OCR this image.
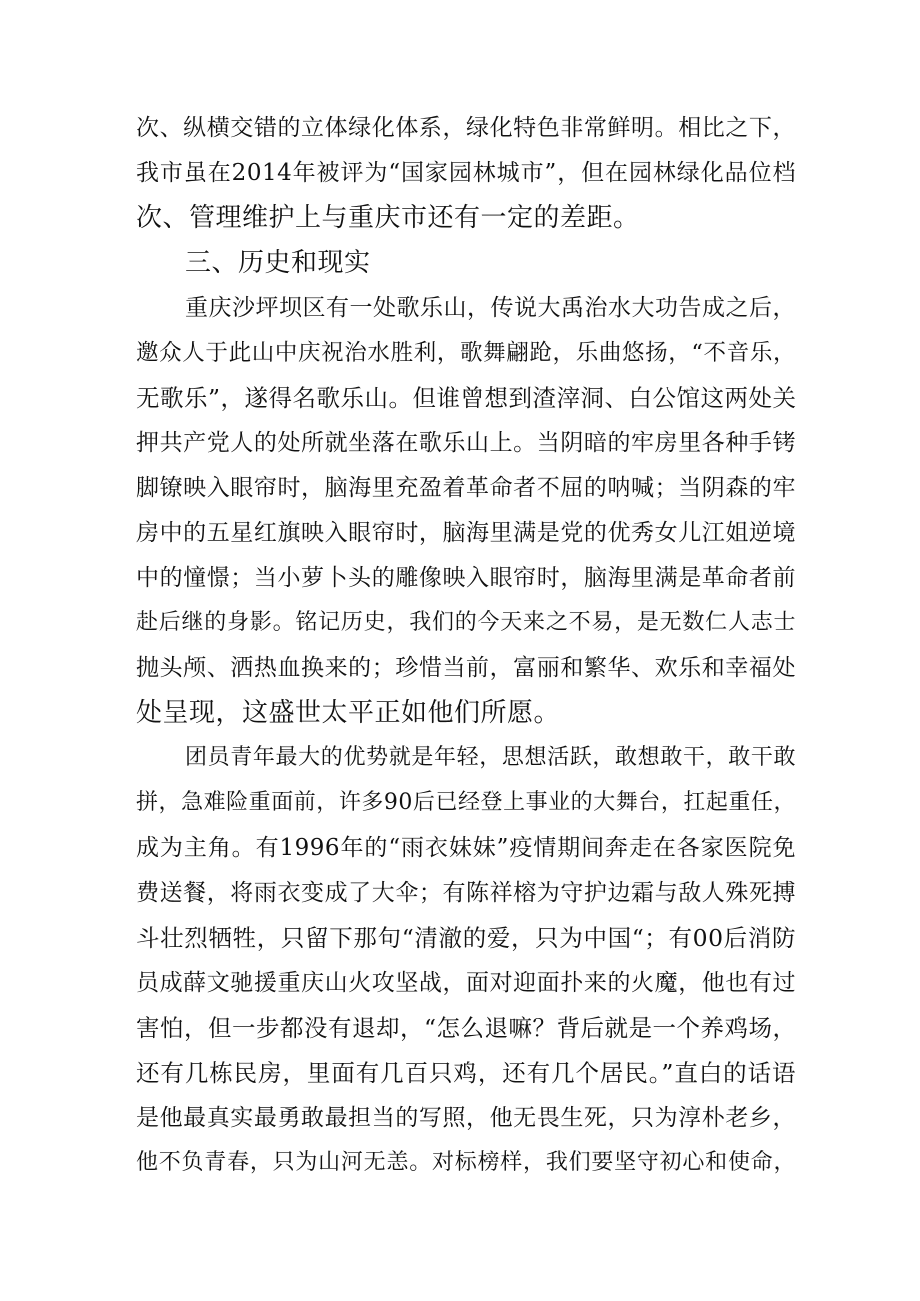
次、纵横交错的立体绿化体系，绿化特色非常鲜明。相比之下，
我市虽在2014年被评为“国家园林城市”，但在园林绿化品位档
次、管理维护上与重庆市还有一定的差距。
三、历史和现实
重庆沙坪坝区有一处歌乐山，传说大禹治水大功告成之后，
邀众人于此山中庆祝治水胜利，歌舞翩跄，乐曲悠扬，“不音乐，
无歌乐”，遂得名歌乐山。但谁曾想到渣滓洞、白公馆这两处关
押共产党人的处所就坐落在歌乐山上。当阴暗的牢房里各种手铐
脚镣映入眼帘时，脑海里充盈着革命者不屈的呐喊；当阴森的牢
房中的五星红旗映入眼帘时，脑海里满是党的优秀女儿江姐逆境
中的憧憬；当小萝卜头的雕像映入眼帘时，脑海里满是革命者前
赴后继的身影。铭记历史，我们的今天来之不易，是无数仁人志士
抛头颅、洒热血换来的；珍惜当前，富丽和繁华、欢乐和幸福处
处呈现，这盛世太平正如他们所愿。
团员青年最大的优势就是年轻，思想活跃，敢想敢干，敢干敢
拼，急难险重面前，许多90后已经登上事业的大舞台，扛起重任，
成为主角。有1996年的“雨衣妹妹”疫情期间奔走在各家医院免
费送餐，将雨衣变成了大伞；有陈祥榕为守护边霜与敌人殊死搏
斗壮烈牺牲，只留下那句“清澈的爱，只为中国“；有00后消防
员成薛文驰援重庆山火攻坚战，面对迎面扑来的火魔，他也有过
害怕，但一步都没有退却，“怎么退嘛？背后就是一个养鸡场，
还有几栋民房，里面有几百只鸡，还有几个居民。”直白的话语
是他最真实最勇敢最担当的写照，他无畏生死，只为淳朴老乡，
他不负青春，只为山河无恙。对标榜样，我们要坚守初心和使命，
